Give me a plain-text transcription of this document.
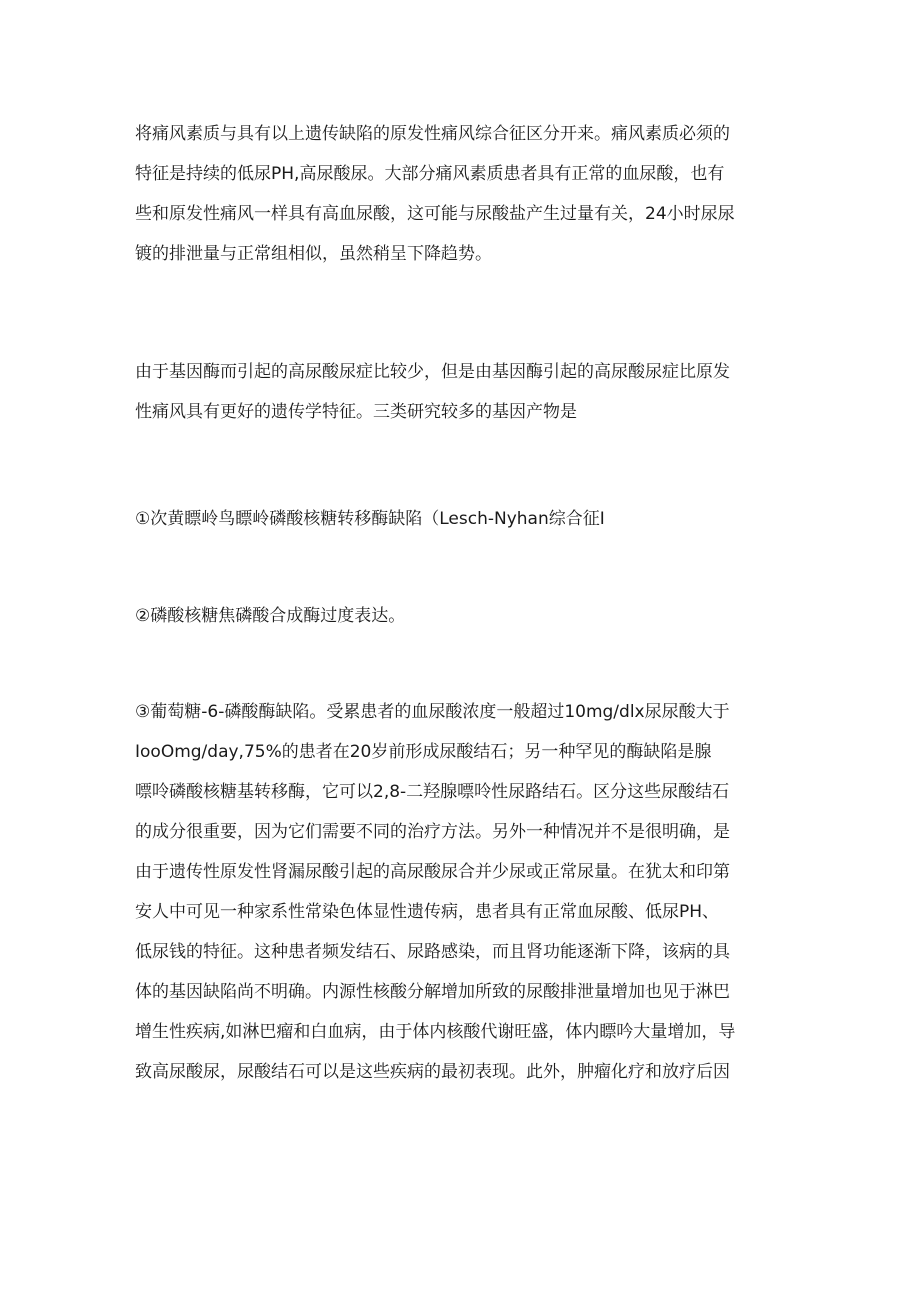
将痛风素质与具有以上遗传缺陷的原发性痛风综合征区分开来。痛风素质必须的
特征是持续的低尿PH,高尿酸尿。大部分痛风素质患者具有正常的血尿酸，也有
些和原发性痛风一样具有高血尿酸，这可能与尿酸盐产生过量有关，24小时尿尿
镀的排泄量与正常组相似，虽然稍呈下降趋势。
由于基因酶而引起的高尿酸尿症比较少，但是由基因酶引起的高尿酸尿症比原发
性痛风具有更好的遗传学特征。三类研究较多的基因产物是
①次黄瞟岭鸟瞟岭磷酸核糖转移酶缺陷（Lesch-Nyhan综合征I
②磷酸核糖焦磷酸合成酶过度表达。
③葡萄糖-6-磷酸酶缺陷。受累患者的血尿酸浓度一般超过10mg∕dlx尿尿酸大于
IooOmg/day,75%的患者在20岁前形成尿酸结石；另一种罕见的酶缺陷是腺
嘌呤磷酸核糖基转移酶，它可以2,8-二羟腺嘌呤性尿路结石。区分这些尿酸结石
的成分很重要，因为它们需要不同的治疗方法。另外一种情况并不是很明确，是
由于遗传性原发性肾漏尿酸引起的高尿酸尿合并少尿或正常尿量。在犹太和印第
安人中可见一种家系性常染色体显性遗传病，患者具有正常血尿酸、低尿PH、
低尿钱的特征。这种患者频发结石、尿路感染，而且肾功能逐渐下降，该病的具
体的基因缺陷尚不明确。内源性核酸分解增加所致的尿酸排泄量增加也见于淋巴
增生性疾病,如淋巴瘤和白血病，由于体内核酸代谢旺盛，体内瞟吟大量增加，导
致高尿酸尿，尿酸结石可以是这些疾病的最初表现。此外，肿瘤化疗和放疗后因
